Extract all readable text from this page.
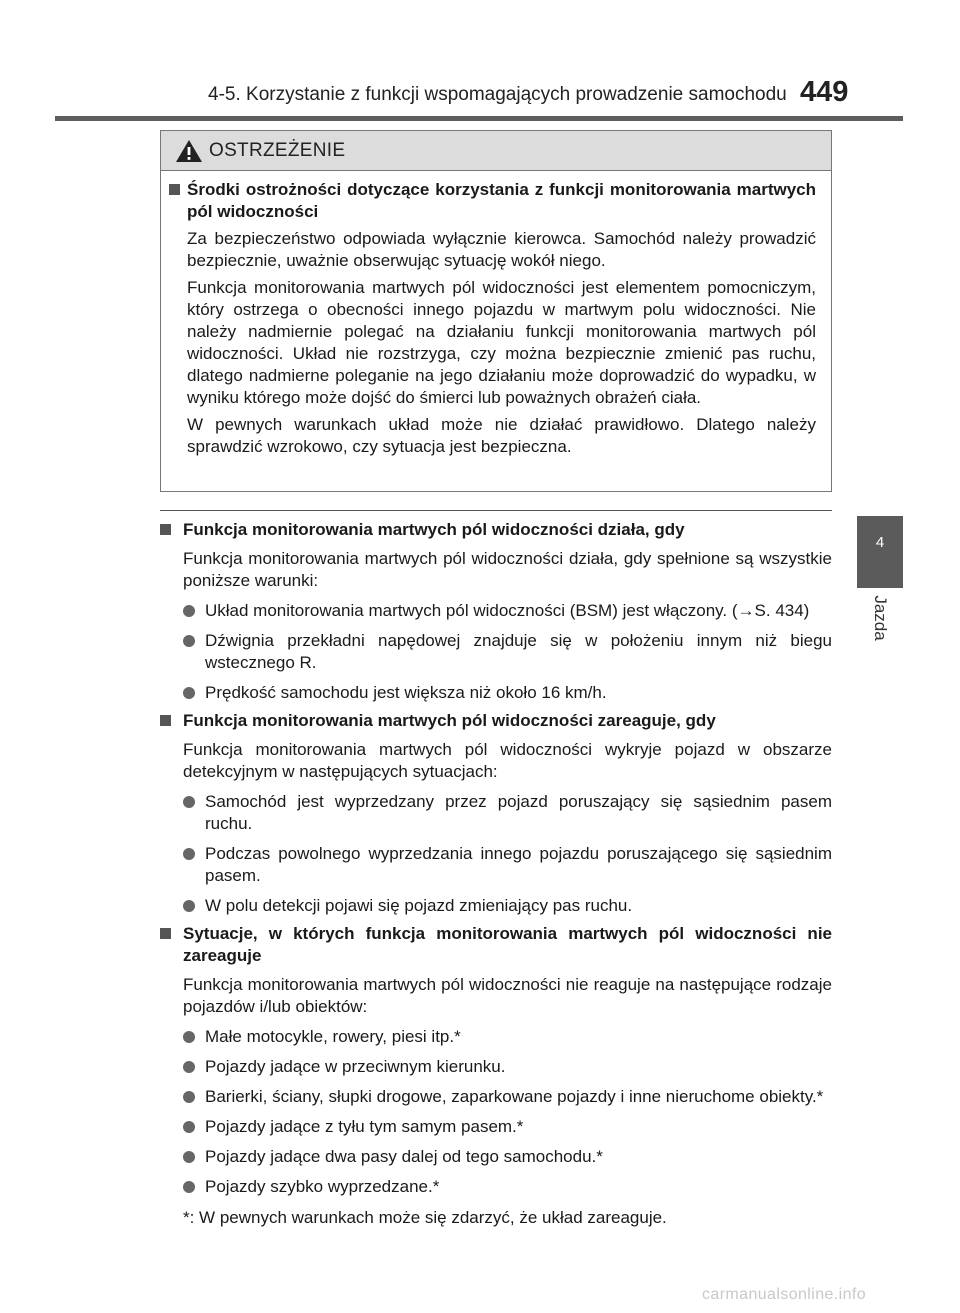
4-5. Korzystanie z funkcji wspomagających prowadzenie samochodu 449
4
Jazda
OSTRZEŻENIE
Środki ostrożności dotyczące korzystania z funkcji monitorowania martwych pól widoczności
Za bezpieczeństwo odpowiada wyłącznie kierowca. Samochód należy prowadzić bezpiecznie, uważnie obserwując sytuację wokół niego.
Funkcja monitorowania martwych pól widoczności jest elementem pomocniczym, który ostrzega o obecności innego pojazdu w martwym polu widoczności. Nie należy nadmiernie polegać na działaniu funkcji monitorowania martwych pól widoczności. Układ nie rozstrzyga, czy można bezpiecznie zmienić pas ruchu, dlatego nadmierne poleganie na jego działaniu może doprowadzić do wypadku, w wyniku którego może dojść do śmierci lub poważnych obrażeń ciała.
W pewnych warunkach układ może nie działać prawidłowo. Dlatego należy sprawdzić wzrokowo, czy sytuacja jest bezpieczna.
Funkcja monitorowania martwych pól widoczności działa, gdy
Funkcja monitorowania martwych pól widoczności działa, gdy spełnione są wszystkie poniższe warunki:
Układ monitorowania martwych pól widoczności (BSM) jest włączony. (→S. 434)
Dźwignia przekładni napędowej znajduje się w położeniu innym niż biegu wstecznego R.
Prędkość samochodu jest większa niż około 16 km/h.
Funkcja monitorowania martwych pól widoczności zareaguje, gdy
Funkcja monitorowania martwych pól widoczności wykryje pojazd w obszarze detekcyjnym w następujących sytuacjach:
Samochód jest wyprzedzany przez pojazd poruszający się sąsiednim pasem ruchu.
Podczas powolnego wyprzedzania innego pojazdu poruszającego się sąsiednim pasem.
W polu detekcji pojawi się pojazd zmieniający pas ruchu.
Sytuacje, w których funkcja monitorowania martwych pól widoczności nie zareaguje
Funkcja monitorowania martwych pól widoczności nie reaguje na następujące rodzaje pojazdów i/lub obiektów:
Małe motocykle, rowery, piesi itp.*
Pojazdy jadące w przeciwnym kierunku.
Barierki, ściany, słupki drogowe, zaparkowane pojazdy i inne nieruchome obiekty.*
Pojazdy jadące z tyłu tym samym pasem.*
Pojazdy jadące dwa pasy dalej od tego samochodu.*
Pojazdy szybko wyprzedzane.*
*: W pewnych warunkach może się zdarzyć, że układ zareaguje.
carmanualsonline.info
